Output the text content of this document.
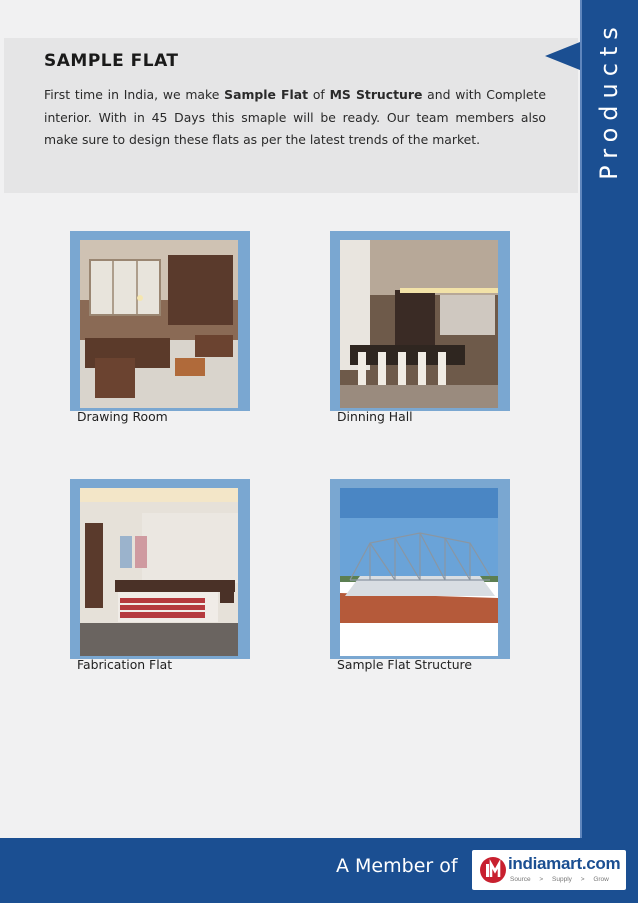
Products
SAMPLE FLAT
First time in India, we make Sample Flat of MS Structure and with Complete interior. With in 45 Days this smaple will be ready. Our team members also make sure to design these flats as per the latest trends of the market.
Drawing Room	Dinning Hall
Fabrication Flat	Sample Flat Structure
A Member of	indiamart.com
Source > Supply > Grow
